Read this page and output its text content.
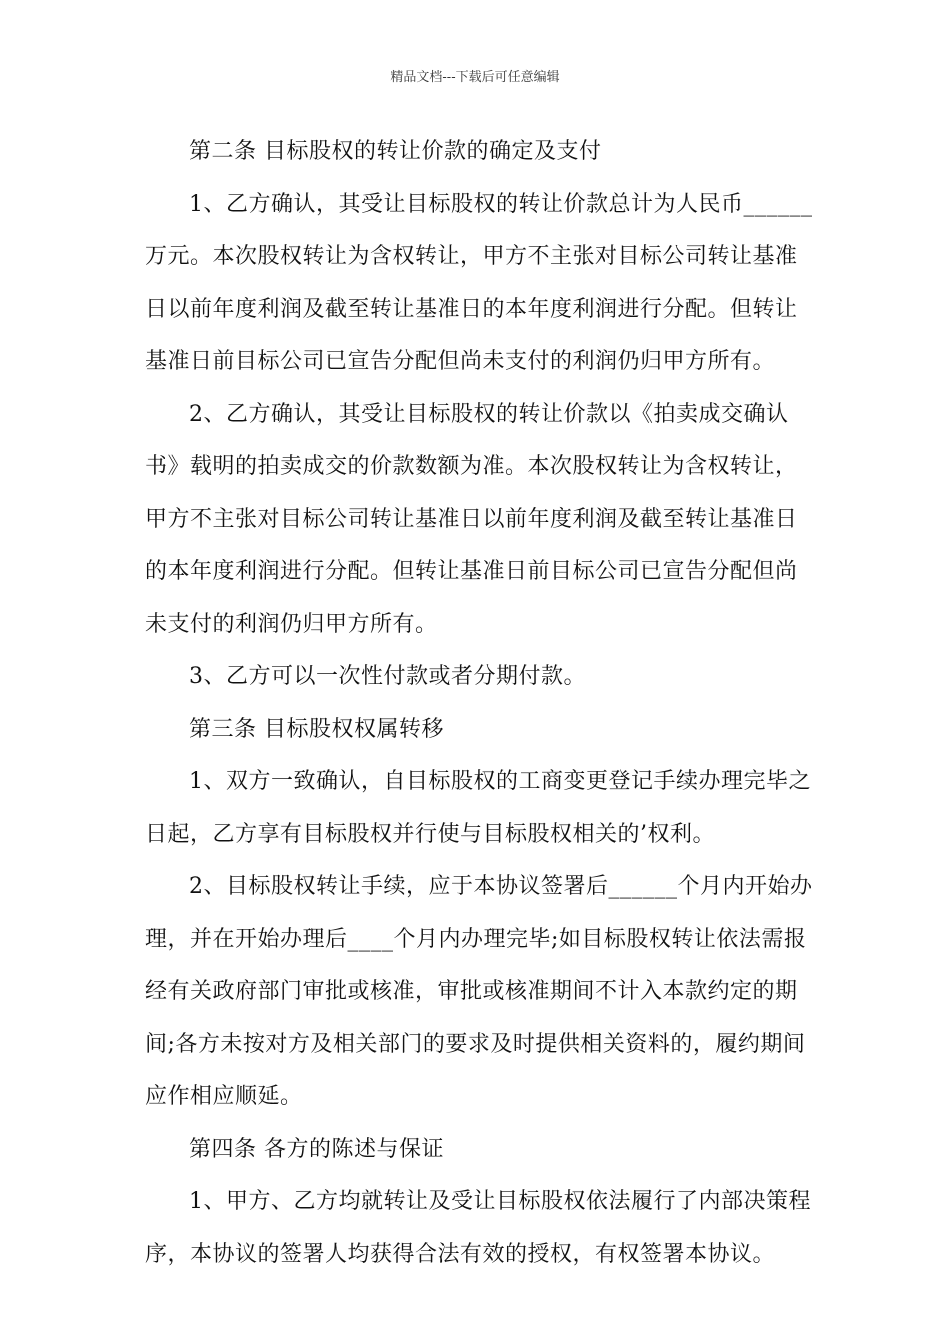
精品文档---下载后可任意编辑
第二条 目标股权的转让价款的确定及支付
1、乙方确认，其受让目标股权的转让价款总计为人民币______
万元。本次股权转让为含权转让，甲方不主张对目标公司转让基准
日以前年度利润及截至转让基准日的本年度利润进行分配。但转让
基准日前目标公司已宣告分配但尚未支付的利润仍归甲方所有。
2、乙方确认，其受让目标股权的转让价款以《拍卖成交确认
书》载明的拍卖成交的价款数额为准。本次股权转让为含权转让，
甲方不主张对目标公司转让基准日以前年度利润及截至转让基准日
的本年度利润进行分配。但转让基准日前目标公司已宣告分配但尚
未支付的利润仍归甲方所有。
3、乙方可以一次性付款或者分期付款。
第三条 目标股权权属转移
1、双方一致确认，自目标股权的工商变更登记手续办理完毕之
日起，乙方享有目标股权并行使与目标股权相关的’权利。
2、目标股权转让手续，应于本协议签署后______个月内开始办
理，并在开始办理后____个月内办理完毕;如目标股权转让依法需报
经有关政府部门审批或核准，审批或核准期间不计入本款约定的期
间;各方未按对方及相关部门的要求及时提供相关资料的，履约期间
应作相应顺延。
第四条 各方的陈述与保证
1、甲方、乙方均就转让及受让目标股权依法履行了内部决策程
序，本协议的签署人均获得合法有效的授权，有权签署本协议。
